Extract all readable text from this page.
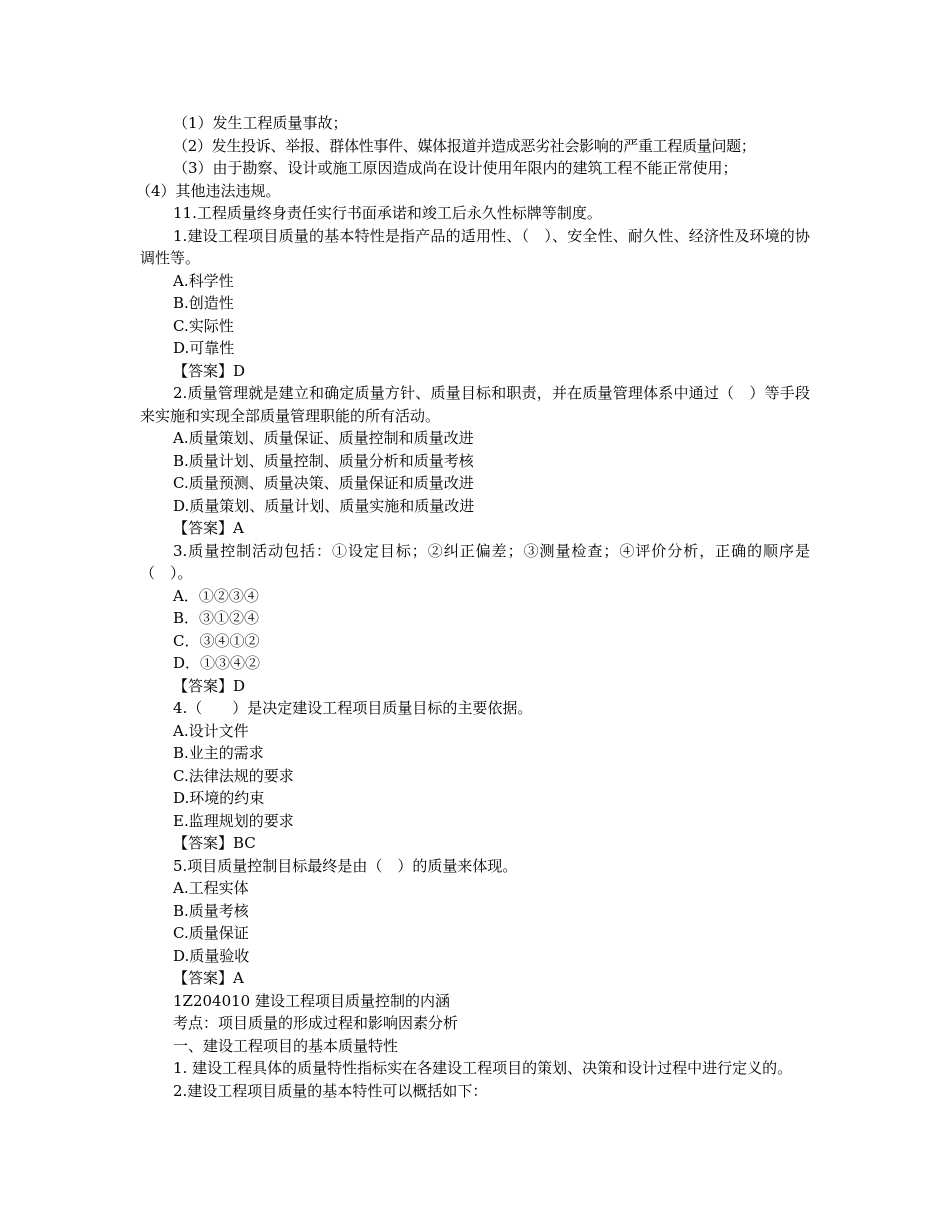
（1）发生工程质量事故；
（2）发生投诉、举报、群体性事件、媒体报道并造成恶劣社会影响的严重工程质量问题；
（3）由于勘察、设计或施工原因造成尚在设计使用年限内的建筑工程不能正常使用；
（4）其他违法违规。
11.工程质量终身责任实行书面承诺和竣工后永久性标牌等制度。
1.建设工程项目质量的基本特性是指产品的适用性、（　）、安全性、耐久性、经济性及环境的协调性等。
A.科学性
B.创造性
C.实际性
D.可靠性
【答案】D
2.质量管理就是建立和确定质量方针、质量目标和职责，并在质量管理体系中通过（　）等手段来实施和实现全部质量管理职能的所有活动。
A.质量策划、质量保证、质量控制和质量改进
B.质量计划、质量控制、质量分析和质量考核
C.质量预测、质量决策、质量保证和质量改进
D.质量策划、质量计划、质量实施和质量改进
【答案】A
3.质量控制活动包括：①设定目标；②纠正偏差；③测量检查；④评价分析，正确的顺序是（　）。
A．①②③④
B．③①②④
C．③④①②
D．①③④②
【答案】D
4.（　　）是决定建设工程项目质量目标的主要依据。
A.设计文件
B.业主的需求
C.法律法规的要求
D.环境的约束
E.监理规划的要求
【答案】BC
5.项目质量控制目标最终是由（　）的质量来体现。
A.工程实体
B.质量考核
C.质量保证
D.质量验收
【答案】A
1Z204010 建设工程项目质量控制的内涵
考点：项目质量的形成过程和影响因素分析
一、建设工程项目的基本质量特性
1. 建设工程具体的质量特性指标实在各建设工程项目的策划、决策和设计过程中进行定义的。
2.建设工程项目质量的基本特性可以概括如下：
